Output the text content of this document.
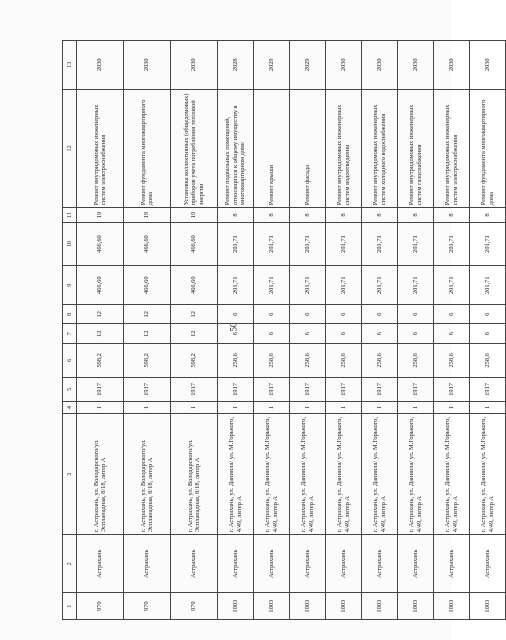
50
1	2	3	4	5	6	7	8	9	10	11	12	13
970	Астрахань	г. Астрахань, ул. Володарского/ул. Эспланадная, 8/18, литер А	1	1917	598,2	12	12	466,60	466,60	19	Ремонт внутридомовых инженерных систем электроснабжения	2030
970	Астрахань	г. Астрахань, ул. Володарского/ул. Эспланадная, 8/18, литер А	1	1917	598,2	12	12	466,60	466,60	19	Ремонт фундамента многоквартирного дома	2030
970	Астрахань	г. Астрахань, ул. Володарского/ул. Эспланадная, 8/18, литер А	1	1917	598,2	12	12	466,60	466,60	19	Установка коллективных (общедомовых) приборов учета потребления тепловой энергии	2030
1003	Астрахань	г. Астрахань, ул. Даниила/ ул. М.Горького, 4/49, литер А	1	1917	258,6	6	6	201,71	201,71	8	Ремонт подвальных помещений, относящихся к общему имуществу в многоквартирном доме	2028
1003	Астрахань	г. Астрахань, ул. Даниила/ ул. М.Горького, 4/49, литер А	1	1917	258,6	6	6	201,71	201,71	8	Ремонт крыши	2029
1003	Астрахань	г. Астрахань, ул. Даниила/ ул. М.Горького, 4/49, литер А	1	1917	258,6	6	6	201,71	201,71	8	Ремонт фасада	2029
1003	Астрахань	г. Астрахань, ул. Даниила/ ул. М.Горького, 4/49, литер А	1	1917	258,6	6	6	201,71	201,71	8	Ремонт внутридомовых инженерных систем водоотведения	2030
1003	Астрахань	г. Астрахань, ул. Даниила/ ул. М.Горького, 4/49, литер А	1	1917	258,6	6	6	201,71	201,71	8	Ремонт внутридомовых инженерных систем холодного водоснабжения	2030
1003	Астрахань	г. Астрахань, ул. Даниила/ ул. М.Горького, 4/49, литер А	1	1917	258,6	6	6	201,71	201,71	8	Ремонт внутридомовых инженерных систем газоснабжения	2030
1003	Астрахань	г. Астрахань, ул. Даниила/ ул. М.Горького, 4/49, литер А	1	1917	258,6	6	6	201,71	201,71	8	Ремонт внутридомовых инженерных систем электроснабжения	2030
1003	Астрахань	г. Астрахань, ул. Даниила/ ул. М.Горького, 4/49, литер А	1	1917	258,6	6	6	201,71	201,71	8	Ремонт фундамента многоквартирного дома	2030
